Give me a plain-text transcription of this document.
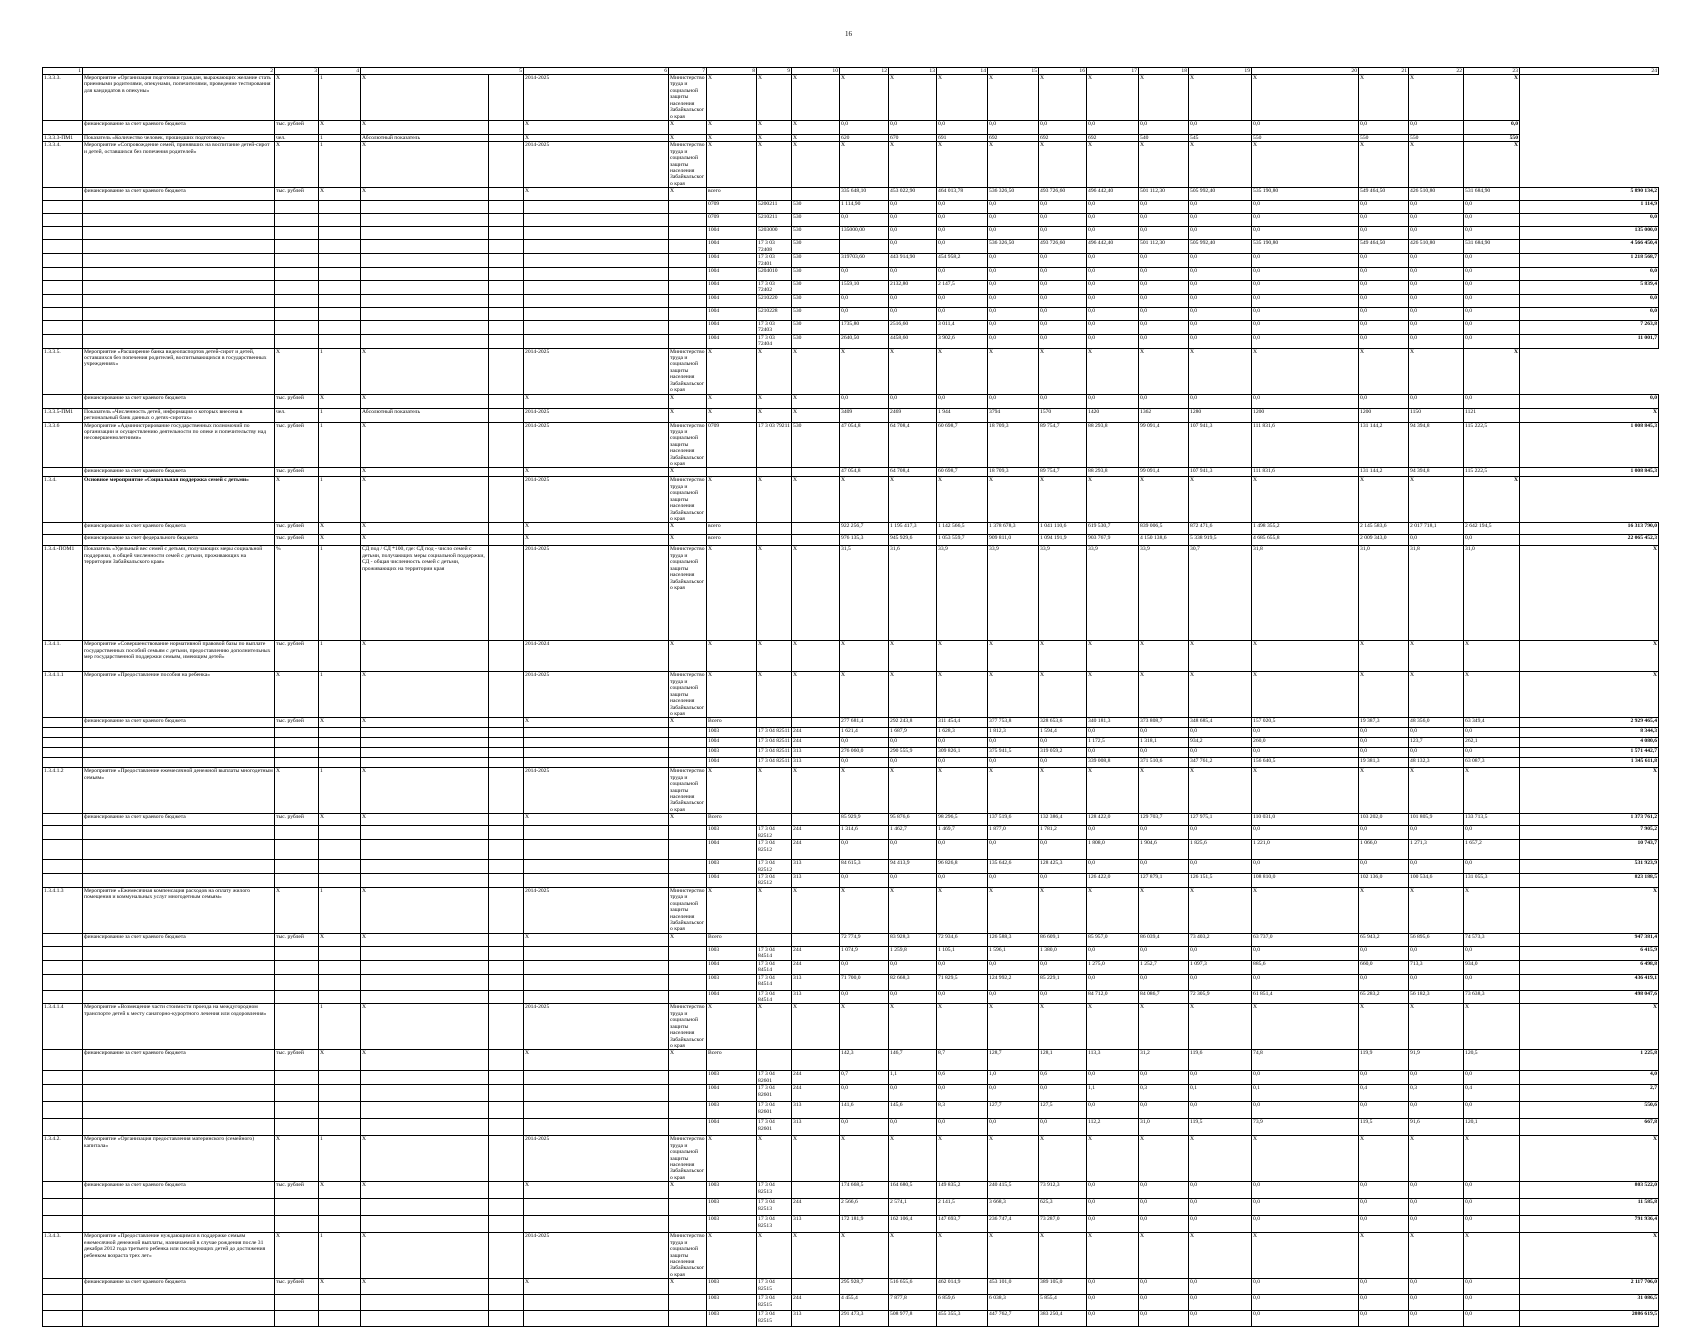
16
1	2	3	4	5		6	7	8	9	10	12	13	14	15	16	17	18	19	20	21	22	23	24
1.3.3.3.	Мероприятие «Организация подготовки граждан, выражающих желание стать приемными родителями, опекунами, попечителями, проведение тестирования для кандидатов в опекуны»	X	1	X		2014-2025	Министерство труда и социальной защиты населения Забайкальского края	X	X	X	X	X	X	X	X	X	X	X	X	X	X	X	
	финансирование за счет краевого бюджета	тыс. рублей	X	X		X	X	X	X	X	0,0	0,0	0,0	0,0	0,0	0,0	0,0	0,0	0,0	0,0	0,0	0,0	
1.3.3.3-ПМ1	Показатель «Количество человек, прошедших подготовку»	чел.	1	Абсолютный показатель		X	X	X	X	X	620	670	691	692	692	692	540	545	550	550	550	550	
1.3.3.4.	Мероприятие «Сопровождение семей, принявших на воспитание детей-сирот и детей, оставшихся без попечения родителей»	X	1	X		2014-2025	Министерство труда и социальной защиты населения Забайкальского края	X	X	X	X	X	X	X	X	X	X	X	X	X	X	X	
	финансирование за счет краевого бюджета	тыс. рублей	X	X		X	X	всего			335 648,10	453 022,90	464 013,78	536 326,50	493 726,60	496 442,40	501 112,30	505 992,40	535 190,80	549 464,50	426 510,80	531 684,90	5 890 134,2
								0709	5200211	530	1 114,90	0,0	0,0	0,0	0,0	0,0	0,0	0,0	0,0	0,0	0,0	0,0	1 114,9
								0709	5210211	530	0,0	0,0	0,0	0,0	0,0	0,0	0,0	0,0	0,0	0,0	0,0	0,0	0,0
								1004	5203000	530	135000,00	0,0	0,0	0,0	0,0	0,0	0,0	0,0	0,0	0,0	0,0	0,0	135 000,0
								1004	17 3 03 72408	530		0,0	0,0	536 326,50	493 726,60	496 442,40	501 112,30	505 992,40	535 190,80	549 464,50	426 510,80	531 684,90	4 566 450,4
								1004	17 3 03 72401	530	319703,60	443 914,90	454 958,2	0,0	0,0	0,0	0,0	0,0	0,0	0,0	0,0	0,0	1 218 568,7
								1004	5204010	530	0,0	0,0	0,0	0,0	0,0	0,0	0,0	0,0	0,0	0,0	0,0	0,0	0,0
								1004	17 3 03 72402	530	1559,10	2132,80	2 147,5	0,0	0,0	0,0	0,0	0,0	0,0	0,0	0,0	0,0	5 839,4
								1004	5210220	530	0,0	0,0	0,0	0,0	0,0	0,0	0,0	0,0	0,0	0,0	0,0	0,0	0,0
								1004	5210228	530	0,0	0,0	0,0	0,0	0,0	0,0	0,0	0,0	0,0	0,0	0,0	0,0	0,0
								1004	17 3 03 72403	530	1735,80	2516,60	3 011,4	0,0	0,0	0,0	0,0	0,0	0,0	0,0	0,0	0,0	7 263,8
								1004	17 3 03 72404	530	2640,50	4458,60	3 902,6	0,0	0,0	0,0	0,0	0,0	0,0	0,0	0,0	0,0	11 001,7
1.3.3.5.	Мероприятие «Расширение банка видеопаспортов детей-сирот и детей, оставшихся без попечения родителей, воспитывающихся в государственных учреждениях»	X	1	X		2014-2025	Министерство труда и социальной защиты населения Забайкальского края	X	X	X	X	X	X	X	X	X	X	X	X	X	X	X	
	финансирование за счет краевого бюджета	тыс. рублей	X	X		X	X	X	X	X	0,0	0,0	0,0	0,0	0,0	0,0	0,0	0,0	0,0	0,0	0,0	0,0	0,0
1.3.3.5-ПМ1	Показатель «Численность детей, информация о которых внесена в региональный банк данных о детях-сиротах»	чел.	1	Абсолютный показатель		2014-2025	X	X	X	X	3409	2469	1 944	3794	1570	1420	1362	1280	1200	1200	1150	1121	X
1.3.3.6	Мероприятие «Администрирование государственных полномочий по организации и осуществлению деятельности по опеке и попечительству над несовершеннолетними»	тыс. рублей	1	X		2014-2025	Министерство труда и социальной защиты населения Забайкальского края	0709	17 3 03 79211	530	47 054,8	64 708,4	60 698,7	18 709,3	89 754,7	88 293,8	99 091,4	107 941,3	111 831,6	131 144,2	94 394,8	115 222,5	1 008 845,3
	финансирование за счет краевого бюджета	тыс. рублей		X		X	X				47 054,8	64 708,4	60 698,7	18 709,3	89 754,7	88 293,8	99 091,4	107 941,3	111 831,6	131 144,2	94 394,8	115 222,5	1 008 845,3
1.3.4.	Основное мероприятие «Социальная поддержка семей с детьми»	X	1	X		2014-2025	Министерство труда и социальной защиты населения Забайкальского края	X	X	X	X	X	X	X	X	X	X	X	X	X	X	X	
	финансирование за счет краевого бюджета	тыс. рублей	X	X		X	X	всего			922 256,7	1 195 417,3	1 142 566,5	1 378 678,3	1 041 110,6	619 530,7	839 006,5	872 471,6	1 498 355,2	2 145 583,6	2 017 718,1	2 642 194,5	16 313 790,0
	финансирование за счет федерального бюджета	тыс. рублей	X	X		X	X	всего			976 135,3	945 929,6	1 053 559,7	909 811,0	1 094 191,9	903 767,9	4 150 138,6	5 338 919,5	4 685 655,8	2 009 343,0	0,0	0,0	22 065 452,3
1.3.4.-ПОМ1	Показатель «Удельный вес семей с детьми, получающих меры социальной поддержки, в общей численности семей с детьми, проживающих на территории Забайкальского края»	%	1	СД под / СД *100, где: СД под - число семей с детьми, получающих меры социальной поддержки, СД - общая численность семей с детьми, проживающих на территории края		2014-2025	Министерство труда и социальной защиты населения Забайкальского края	X	X	X	31,5	31,6	33,9	33,9	33,9	33,9	33,9	30,7	31,8	31,0	31,8	31,0	X
1.3.4.1.	Мероприятие «Совершенствование нормативной правовой базы по выплате государственных пособий семьям с детьми, предоставлению дополнительных мер государственной поддержки семьям, имеющим детей»	тыс. рублей	1	X		2014-2024	X	X	X	X	X	X	X	X	X	X	X	X	X	X	X	X	X
1.3.4.1.1	Мероприятие «Предоставление пособия на ребенка»	X	1	X		2014-2025	Министерство труда и социальной защиты населения Забайкальского края	X	X	X	X	X	X	X	X	X	X	X	X	X	X	X	X
	финансирование за счет краевого бюджета	тыс. рублей	X	X		X	X	Всего			277 681,4	292 243,8	311 454,4	377 753,8	328 653,6	340 181,3	373 808,7	348 685,4	157 020,5	19 387,3	48 356,0	63 349,4	2 929 465,4
								1003	17 3 04 82511	244	1 621,4	1 687,9	1 628,3	1 812,3	1 594,4	0,0	0,0	0,0	0,0	0,0	0,0	0,0	8 344,3
								1004	17 3 04 82511	244	0,0	0,0	0,0	0,0	0,0	1 172,5	1 318,1	934,2	260,0	0,0	123,7	262,1	4 080,6
								1003	17 3 04 82511	313	276 060,0	290 555,9	309 826,1	375 941,5	319 059,2	0,0	0,0	0,0	0,0	0,0	0,0	0,0	1 571 442,7
								1004	17 3 04 82511	313	0,0	0,0	0,0	0,0	0,0	339 008,8	371 510,6	347 761,2	156 640,5	19 381,3	48 132,3	63 087,3	1 345 611,8
1.3.4.1.2	Мероприятие «Предоставление ежемесячной денежной выплаты многодетным семьям»	X	1	X		2014-2025	Министерство труда и социальной защиты населения Забайкальского края	X	X	X	X	X	X	X	X	X	X	X	X	X	X	X	X
	финансирование за счет краевого бюджета	тыс. рублей	X	X		X	X	Всего			85 929,9	95 876,6	98 296,5	137 519,6	132 386,4	128 422,0	129 703,7	127 975,1	110 031,0	103 202,0	101 805,9	133 713,5	1 373 761,2
								1003	17 3 04 82512	244	1 314,6	1 462,7	1 469,7	1 877,0	1 781,2	0,0	0,0	0,0	0,0	0,0	0,0	0,0	7 905,2
								1004	17 3 04 82512	244	0,0	0,0	0,0	0,0	0,0	1 808,0	1 904,6	1 825,6	1 221,0	1 066,0	1 271,3	1 657,2	10 743,7
								1003	17 3 04 82512	313	84 615,3	94 413,9	96 826,8	135 642,6	128 425,3	0,0	0,0	0,0	0,0	0,0	0,0	0,0	531 923,9
								1004	17 3 04 82512	313	0,0	0,0	0,0	0,0	0,0	126 422,0	127 879,1	126 151,5	108 810,0	102 136,0	100 534,6	131 055,3	823 188,5
1.3.4.1.3	Мероприятие «Ежемесячная компенсация расходов на оплату жилого помещения и коммунальных услуг многодетным семьям»	X	1	X		2014-2025	Министерство труда и социальной защиты населения Забайкальского края	X	X	X	X	X	X	X	X	X	X	X	X	X	X	X	X
	финансирование за счет краевого бюджета	тыс. рублей	X	X		X	X	Всего			72 774,9	83 928,3	72 934,6	126 588,3	86 609,1	85 957,0	86 039,4	73 403,2	63 737,0	65 943,2	56 895,6	74 573,3	947 381,4
								1003	17 3 04 84514	244	1 074,9	1 259,8	1 105,1	1 596,1	1 380,0	0,0	0,0	0,0	0,0	0,0	0,0	0,0	6 415,9
								1004	17 3 04 84514	244	0,0	0,0	0,0	0,0	0,0	1 275,0	1 252,7	1 097,3	885,6	660,0	713,3	934,0	6 498,8
								1003	17 3 04 84514	313	71 700,0	82 668,3	71 829,5	124 992,2	85 229,1	0,0	0,0	0,0	0,0	0,0	0,0	0,0	436 419,1
								1004	17 3 04 84514	313	0,0	0,0	0,0	0,0	0,0	84 712,0	84 086,7	72 305,9	61 851,4	65 283,2	56 182,3	73 638,3	498 047,6
1.3.4.1.4	Мероприятие «Возмещение части стоимости проезда на междугородном транспорте детей к месту санаторно-курортного лечения или оздоровления»		1	X		2014-2025	Министерство труда и социальной защиты населения Забайкальского края	X	X	X	X	X	X	X	X	X	X	X	X	X	X	X	X
	финансирование за счет краевого бюджета	тыс. рублей	X	X		X	X	Всего			142,3	146,7	8,7	128,7	128,1	113,3	31,2	119,6	74,8	119,9	91,9	120,5	1 225,8
								1003	17 3 04 82601	244	0,7	1,1	0,6	1,0	0,6	0,0	0,0	0,0	0,0	0,0	0,0	0,0	4,0
								1004	17 3 04 82601	244	0,0	0,0	0,0	0,0	0,0	1,1	0,3	0,1	0,1	0,4	0,3	0,4	2,7
								1003	17 3 04 82601	313	141,6	145,6	8,3	127,7	127,5	0,0	0,0	0,0	0,0	0,0	0,0	0,0	550,6
								1004	17 3 04 82601	313	0,0	0,0	0,0	0,0	0,0	112,2	31,0	119,5	73,9	119,5	91,6	120,1	667,8
1.3.4.2.	Мероприятие «Организация предоставления материнского (семейного) капитала»	X	1	X		2014-2025	Министерство труда и социальной защиты населения Забайкальского края	X	X	X	X	X	X	X	X	X	X	X	X	X	X	X	X
	финансирование за счет краевого бюджета	тыс. рублей	X	X		X	X	1003	17 3 04 82513		174 668,5	164 680,5	149 835,2	240 415,5	73 912,3	0,0	0,0	0,0	0,0	0,0	0,0	0,0	803 522,0
								1003	17 3 04 82513	244	2 566,6	2 574,1	2 141,5	3 668,3	625,3	0,0	0,0	0,0	0,0	0,0	0,0	0,0	11 585,8
								1003	17 3 04 82513	313	172 181,9	162 106,4	147 693,7	236 747,4	73 287,0	0,0	0,0	0,0	0,0	0,0	0,0	0,0	791 936,4
1.3.4.3.	Мероприятие «Предоставление нуждающимся в поддержке семьям ежемесячной денежной выплаты, назначаемой в случае рождения после 31 декабря 2012 года третьего ребенка или последующих детей до достижения ребенком возраста трех лет»	X	1	X		2014-2025	Министерство труда и социальной защиты населения Забайкальского края	X	X	X	X	X	X	X	X	X	X	X	X	X	X	X	X
	финансирование за счет краевого бюджета	тыс. рублей	X	X		X	X	1003	17 3 04 82515		295 928,7	516 655,6	462 014,9	453 101,0	389 105,0	0,0	0,0	0,0	0,0	0,0	0,0	0,0	2 117 706,0
								1003	17 3 04 82515	244	4 455,4	7 877,8	6 859,6	6 038,3	5 855,4	0,0	0,0	0,0	0,0	0,0	0,0	0,0	31 086,5
								1003	17 3 04 82515	313	291 473,3	508 977,8	455 355,3	447 762,7	383 250,4	0,0	0,0	0,0	0,0	0,0	0,0	0,0	2086 619,5
